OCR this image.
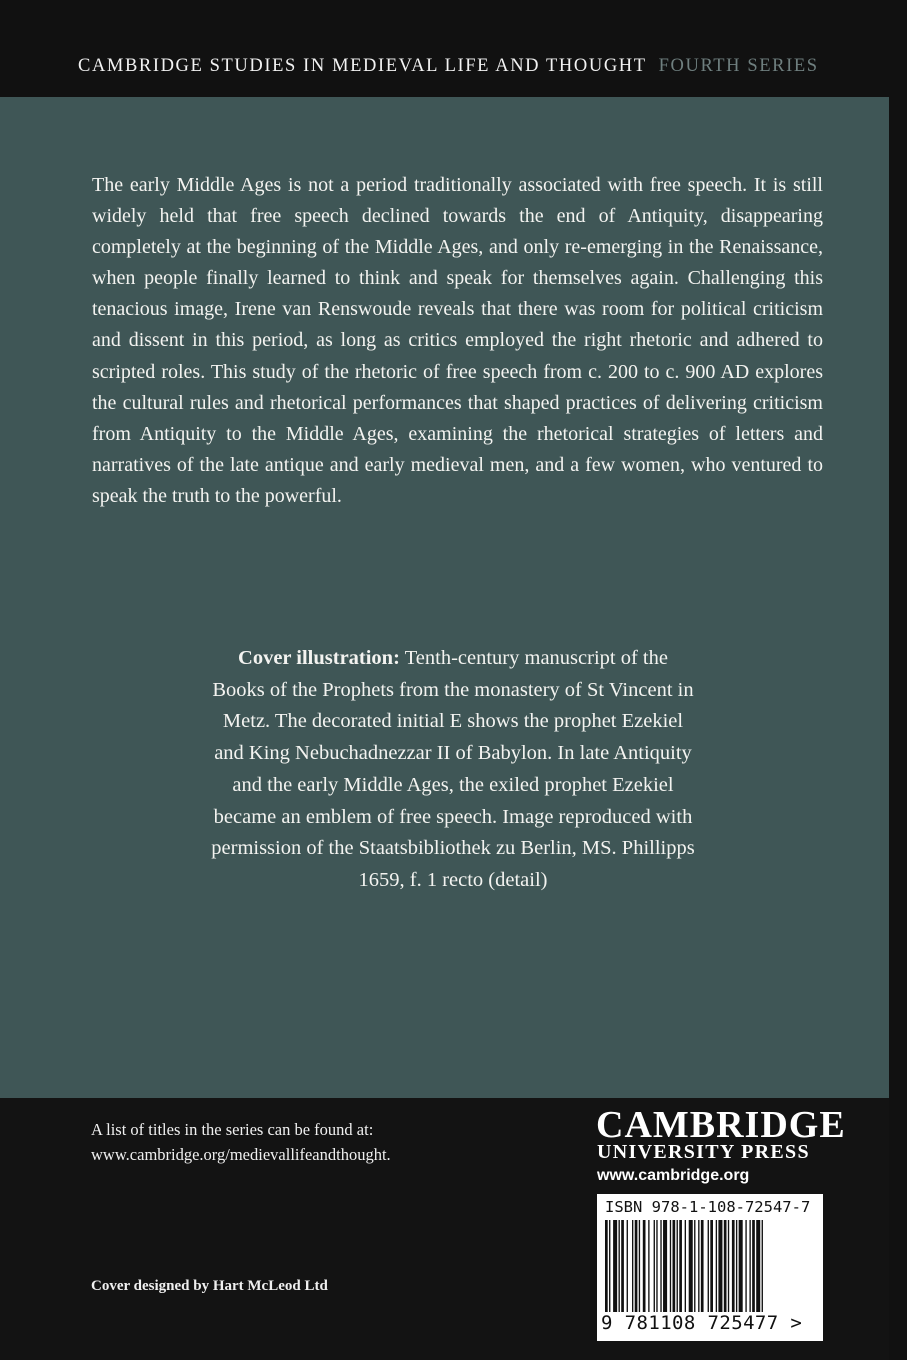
CAMBRIDGE STUDIES IN MEDIEVAL LIFE AND THOUGHT FOURTH SERIES

The early Middle Ages is not a period traditionally associated with free speech. It is still widely held that free speech declined towards the end of Antiquity, disappearing completely at the beginning of the Middle Ages, and only re-emerging in the Renaissance, when people finally learned to think and speak for themselves again. Challenging this tenacious image, Irene van Renswoude reveals that there was room for political criticism and dissent in this period, as long as critics employed the right rhetoric and adhered to scripted roles. This study of the rhetoric of free speech from c. 200 to c. 900 AD explores the cultural rules and rhetorical performances that shaped practices of delivering criticism from Antiquity to the Middle Ages, examining the rhetorical strategies of letters and narratives of the late antique and early medieval men, and a few women, who ventured to speak the truth to the powerful.

Cover illustration: Tenth-century manuscript of the Books of the Prophets from the monastery of St Vincent in Metz. The decorated initial E shows the prophet Ezekiel and King Nebuchadnezzar II of Babylon. In late Antiquity and the early Middle Ages, the exiled prophet Ezekiel became an emblem of free speech. Image reproduced with permission of the Staatsbibliothek zu Berlin, MS. Phillipps 1659, f. 1 recto (detail)

A list of titles in the series can be found at:
www.cambridge.org/medievallifeandthought.

CAMBRIDGE
UNIVERSITY PRESS
www.cambridge.org
ISBN 978-1-108-72547-7
9 781108 725477 >
Cover designed by Hart McLeod Ltd
